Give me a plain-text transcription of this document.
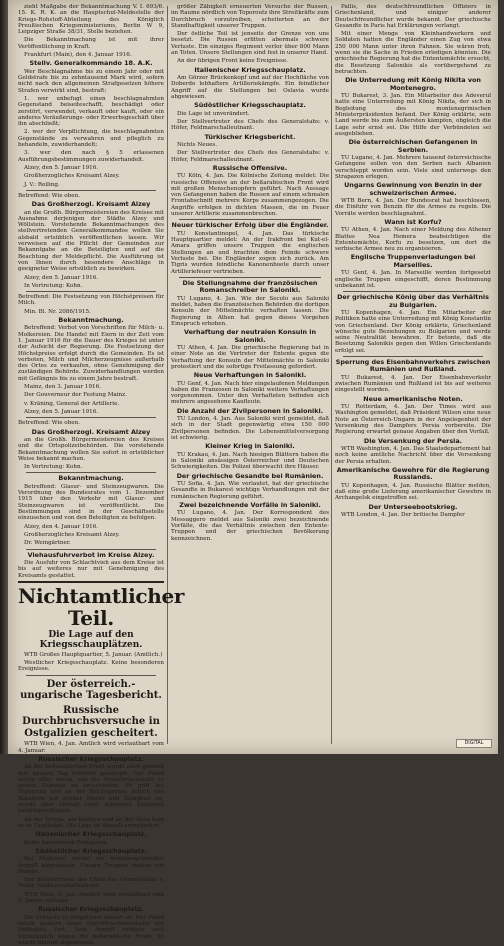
zieht Maßgabe der Bekanntmachung V. I. 693/6. 15. K. R. K. an die Hauptschul-Meldestelle der Kriegs-Rohstoff-Abteilung des Königlich Preußischen Kriegsministeriums, Berlin W 9, Leipziger Straße 38/31, Stelle beziehen.

Die Bekanntmachung ist mit ihrer Veröffentlichung in Kraft.

Frankfurt (Main), den 4. Januar 1916.

Stellv. Generalkommando 18. A.K.

Wer Beschlagnahme bis zu einem Jahr oder mit Geldstrafe bis zu zehntausend Mark wird, sofern nicht nach den allgemeinen Strafgesetzen höhere Strafen verwirkt sind, bestraft:

1. wer unbefugt einen beschlagnahmten Gegenstand beiseiteschafft, beschädigt oder zerstört, verwendet, verkauft oder kauft, oder ein anderes Veräußerungs- oder Erwerbsgeschäft über ihn abschließt;

2. wer der Verpflichtung, die beschlagnahmten Gegenstände zu verwahren und pfleglich zu behandeln, zuwiderhandelt;

3. wer den nach § 5 erlassenen Ausführungsbestimmungen zuwiderhandelt.

Alzey, den 5. Januar 1916.

Großherzogliches Kreisamt Alzey.

J. V.: Reiling.

Betreffend: Wie oben.

Das Großherzogl. Kreisamt Alzey

an die Großh. Bürgermeistereien des Kreises mit Ausnahme derjenigen der Städte Alzey und Wöllstein. Vorstehende Bekanntmachungen des stellvertretenden Generalkommandos wollen Sie alsbald ortsüblich veröffentlichen lassen. Wir verweisen auf die Pflicht der Gemeinden zur Bekanntgabe an die Beteiligten und auf die Beachtung der Meldepflicht. Die Ausführung ist von Ihnen durch besondere Anschläge in geeigneter Weise ortsüblich zu bewirken.

Alzey, den 5. Januar 1916.

In Vertretung: Kohn.

Betreffend: Die Festsetzung von Höchstpreisen für Milch.

Min. Bl. Nr. 2086/1915.

Bekanntmachung.

Betreffend: Verbot von Vorschriften für Milch- u. Molkereien. Die Handel mit Eiern in der Zeit vom 1. Januar 1916 für die Dauer des Krieges ist unter der Aufsicht der Regierung. Die Festsetzung der Höchstpreise erfolgt durch die Gemeinden. Es ist verboten, Milch und Milcherzeugnisse außerhalb des Ortes zu verkaufen, ohne Genehmigung der zuständigen Behörde. Zuwiderhandlungen werden mit Gefängnis bis zu einem Jahre bestraft.

Mainz, den 3. Januar 1916.

Der Gouverneur der Festung Mainz.

v. Kräning, General der Artillerie.

Alzey, den 5. Januar 1916.

Betreffend: Wie oben.

Das Großherzogl. Kreisamt Alzey

an die Großh. Bürgermeistereien des Kreises und die Ortspolizeibehörden. Die vorstehende Bekanntmachung wollen Sie sofort in ortsüblicher Weise bekannt machen.

In Vertretung: Kohn.

Bekanntmachung.

Betreffend: Glasur- und Steinzeugwaren. Die Verordnung des Bundesrates vom 1. Dezember 1915 über den Verkehr mit Glasur- und Steinzeugwaren ist veröffentlicht. Die Bestimmungen sind in der Geschäftsstelle einzusehen und von den Beteiligten zu befolgen.

Alzey, den 4. Januar 1916.

Großherzogliches Kreisamt Alzey.

Dr. Weingärtner.

Viehausfuhrverbot im Kreise Alzey.

Die Ausfuhr von Schlachtvieh aus dem Kreise ist bis auf weiteres nur mit Genehmigung des Kreisamts gestattet.

Nichtamtlicher Teil.
Die Lage auf den Kriegsschauplätzen.

WTB Großes Hauptquartier, 5. Januar. (Amtlich.)

Westlicher Kriegsschauplatz. Keine besonderen Ereignisse.

Der österreich.-ungarische Tagesbericht.
Russische Durchbruchsversuche in Ostgalizien gescheitert.

WTB Wien, 4. Jan. Amtlich wird verlautbart vom 4. Januar:

Russischer Kriegsschauplatz.

An der beßarabischen Front wurde auch gestern den ganzen Tag erbittert gekämpft. Der Feind setzte alles daran, um die Neujahrsschlacht zu seinen Gunsten zu entscheiden. Er griff bei Toporoutz und an der Reichsgrenze östlich von Rarancze mit großer Macht und Zähigkeit an, wurde aber überall unter schweren Verlusten zurückgeschlagen.

An der Strypa, am Kormyn und an der Ikwa kam es zu Geplänkel. Die Lage ist überall unverändert.

Italienischer Kriegsschauplatz.

Keine besonderen Ereignisse.

Südöstlicher Kriegsschauplatz.

Bei Mojkovac wurde ein montenegrinischer Angriff abgewiesen. Unsere Truppen stehen vor Berane.

Der Stellvertreter des Chefs des Generalstabs v. Höfer, Feldmarschalleutnant.

WTB Wien, 5. Jan. Amtlich wird verlautbart vom 4. Januar mittags:

Russischer Kriegsschauplatz.

Die Schlacht in Ostgalizien dauert an. Der Feind setzte gestern seine Durchbruchsversuche mit Heftigkeit fort. Sein Angriff richtete sich vornehmlich gegen die beßarabische Front. Er wurde überall abgewiesen.

größer Zähigkeit erneuerten Versuche der Russen, im Raume nördlich von Toporoutz ihre Streitkräfte zum Durchbruch vorzutreiben, scheiterten an der Standhaftigkeit unserer Truppen.

Der östliche Teil ist jenseits der Grenze von uns besetzt. Die Russen erlitten abermals schwere Verluste. Ein einziges Regiment verlor über 800 Mann an Toten. Unsere Stellungen sind fest in unserer Hand.

An der übrigen Front keine Ereignisse.

Italienischer Kriegsschauplatz.

Am Görzer Brückenkopf und auf der Hochfläche von Doberdo lebhaftere Artilleriekämpfe. Ein feindlicher Angriff auf die Stellungen bei Oslavia wurde abgewiesen.

Südöstlicher Kriegsschauplatz.

Die Lage ist unverändert.

Der Stellvertreter des Chefs des Generalstabs: v. Höfer, Feldmarschalleutnant.

Türkischer Kriegsbericht.

Nichts Neues.

Der Stellvertreter des Chefs des Generalstabs: v. Höfer, Feldmarschalleutnant.

Russische Offensive.

TU Köln, 4. Jan. Die Kölnische Zeitung meldet: Die russische Offensive an der beßarabischen Front wird mit großen Menschenopfern geführt. Nach Aussage von Gefangenen haben die Russen auf einem schmalen Frontabschnitt mehrere Korps zusammengezogen. Die Angriffe erfolgen in dichten Massen, die im Feuer unserer Artillerie zusammenbrechen.

Neuer türkischer Erfolg über die Engländer.

TU Konstantinopel, 4. Jan. Das türkische Hauptquartier meldet: An der Irakfront bei Kut-el-Amara griffen unsere Truppen die englischen Stellungen an und brachten dem Feinde schwere Verluste bei. Die Engländer zogen sich zurück. Am Tigris wurden feindliche Kanonenboote durch unser Artilleriefeuer vertrieben.

Die Stellungnahme der französischen Romanschreiber in Saloniki.

TU Lugano, 4. Jan. Wie der Secolo aus Saloniki meldet, haben die französischen Behörden die dortigen Konsuln der Mittelmächte verhaften lassen. Die Regierung in Athen hat gegen dieses Vorgehen Einspruch erhoben.

Verhaftung der neutralen Konsuln in Saloniki.

TU Athen, 4. Jan. Die griechische Regierung hat in einer Note an die Vertreter der Entente gegen die Verhaftung der Konsuln der Mittelmächte in Saloniki protestiert und die sofortige Freilassung gefordert.

Neue Verhaftungen in Saloniki.

TU Genf, 4. Jan. Nach hier eingelaufenen Meldungen haben die Franzosen in Saloniki weitere Verhaftungen vorgenommen. Unter den Verhafteten befinden sich mehrere angesehene Kaufleute.

Die Anzahl der Zivilpersonen in Saloniki.

TU London, 4. Jan. Aus Saloniki wird gemeldet, daß sich in der Stadt gegenwärtig etwa 150 000 Zivilpersonen befinden. Die Lebensmittelversorgung ist schwierig.

Kleiner Krieg in Saloniki.

TU Krakau, 4. Jan. Nach hiesigen Blättern haben die in Saloniki ansässigen Österreicher und Deutschen Schwierigkeiten. Die Polizei überwacht ihre Häuser.

Der griechische Gesandte bei Rumänien.

TU Sofia, 4. Jan. Wie verlautet, hat der griechische Gesandte in Bukarest wichtige Verhandlungen mit der rumänischen Regierung geführt.

Zwei bezeichnende Vorfälle in Saloniki.

TU Lugano, 4. Jan. Der Korrespondent des Messaggero meldet aus Saloniki zwei bezeichnende Vorfälle, die das Verhältnis zwischen den Entente-Truppen und der griechischen Bevölkerung kennzeichnen.

Pallis, des deutschfreundlichen Offiziers in Griechenland, und einiger anderer Deutschfreundlicher wurde bekannt. Der griechische Gesandte in Paris hat Erklärungen verlangt.

Mit einer Menge von Kleinhandwerkern und Soldaten hatten die Engländer einen Zug von etwa 250 000 Mann unter ihren Fahnen. Sie wären froh, wenn sie die Sache in Frieden erledigen könnten. Die griechische Regierung hat die Ententemächte ersucht, die Besetzung Salonikis als vorübergehend zu betrachten.

Die Unterredung mit König Nikita von Montenegro.

TU Bukarest, 3. Jan. Ein Mitarbeiter des Adeverul hatte eine Unterredung mit König Nikita, der sich in Begleitung des montenegrinischen Ministerpräsidenten befand. Der König erklärte, sein Land werde bis zum Äußersten kämpfen, obgleich die Lage sehr ernst sei. Die Hilfe der Verbündeten sei ausgeblieben.

Die österreichischen Gefangenen in Serbien.

TU Lugano, 4. Jan. Mehrere tausend österreichische Gefangene sollen von den Serben nach Albanien verschleppt worden sein. Viele sind unterwegs den Strapazen erlegen.

Ungarns Gewinnung von Benzin in der schweizerischen Armee.

WTB Bern, 4. Jan. Der Bundesrat hat beschlossen, die Einfuhr von Benzin für die Armee zu regeln. Die Vorräte werden beschlagnahmt.

Wann ist Korfu?

TU Athen, 4. Jan. Nach einer Meldung des Athener Blattes Nea Hemera beabsichtigen die Ententemächte, Korfu zu besetzen, um dort die serbische Armee neu zu organisieren.

Englische Truppenverladungen bei Marseilles.

TU Genf, 4. Jan. In Marseille werden fortgesetzt englische Truppen eingeschifft, deren Bestimmung unbekannt ist.

Der griechische König über das Verhältnis zu Bulgarien.

TU Kopenhagen, 4. Jan. Ein Mitarbeiter der Politiken hatte eine Unterredung mit König Konstantin von Griechenland. Der König erklärte, Griechenland wünsche gute Beziehungen zu Bulgarien und werde seine Neutralität bewahren. Er betonte, daß die Besetzung Salonikis gegen den Willen Griechenlands erfolgt sei.

Sperrung des Eisenbahnverkehrs zwischen Rumänien und Rußland.

TU Bukarest, 4. Jan. Der Eisenbahnverkehr zwischen Rumänien und Rußland ist bis auf weiteres eingestellt worden.

Neue amerikanische Noten.

TU Rotterdam, 4. Jan. Der Times wird aus Washington gemeldet, daß Präsident Wilson eine neue Note an Österreich-Ungarn in der Angelegenheit der Versenkung des Dampfers Persia vorbereite. Die Regierung erwartet genaue Angaben über den Vorfall.

Die Versenkung der Persia.

WTB Washington, 4. Jan. Das Staatsdepartement hat noch keine amtliche Nachricht über die Versenkung der Persia erhalten.

Amerikanische Gewehre für die Regierung Russlands.

TU Kopenhagen, 4. Jan. Russische Blätter melden, daß eine große Lieferung amerikanischer Gewehre in Archangelsk eingetroffen sei.

Der Unterseebootskrieg.

WTB London, 4. Jan. Der britische Dampfer

DIGITAL
